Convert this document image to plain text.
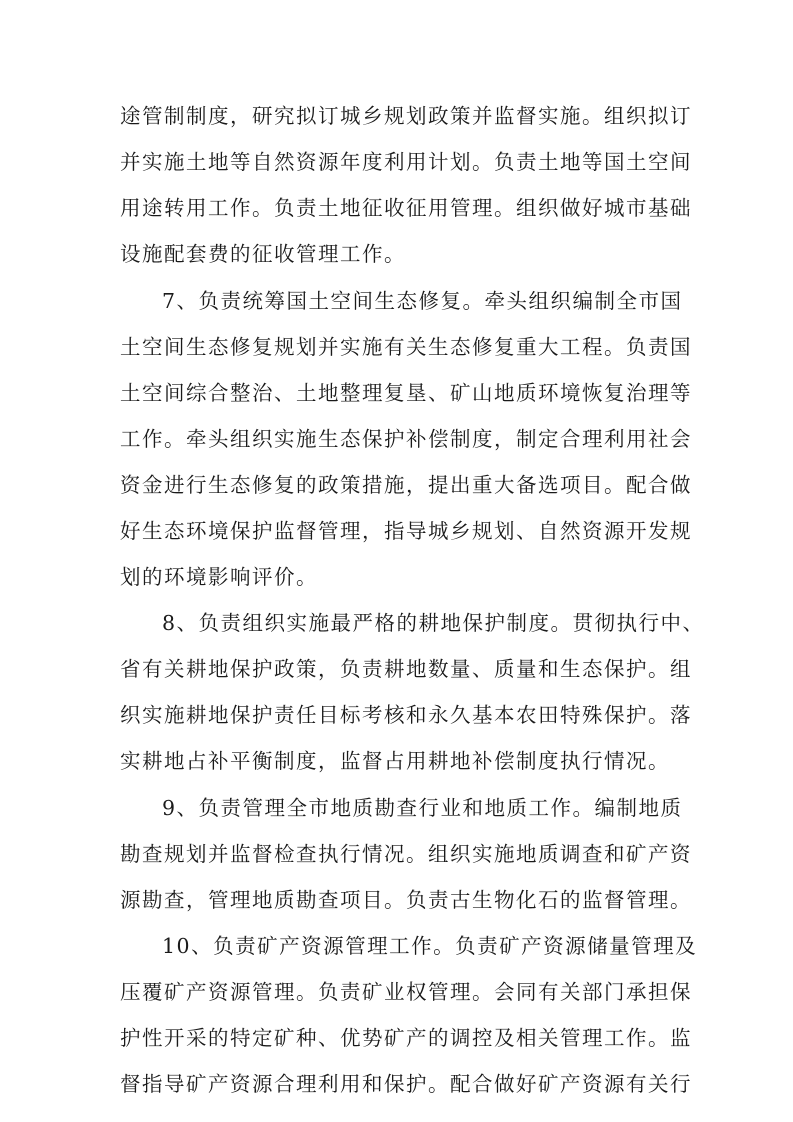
途管制制度，研究拟订城乡规划政策并监督实施。组织拟订
并实施土地等自然资源年度利用计划。负责土地等国土空间
用途转用工作。负责土地征收征用管理。组织做好城市基础
设施配套费的征收管理工作。
7、负责统筹国土空间生态修复。牵头组织编制全市国
土空间生态修复规划并实施有关生态修复重大工程。负责国
土空间综合整治、土地整理复垦、矿山地质环境恢复治理等
工作。牵头组织实施生态保护补偿制度，制定合理利用社会
资金进行生态修复的政策措施，提出重大备选项目。配合做
好生态环境保护监督管理，指导城乡规划、自然资源开发规
划的环境影响评价。
8、负责组织实施最严格的耕地保护制度。贯彻执行中、
省有关耕地保护政策，负责耕地数量、质量和生态保护。组
织实施耕地保护责任目标考核和永久基本农田特殊保护。落
实耕地占补平衡制度，监督占用耕地补偿制度执行情况。
9、负责管理全市地质勘查行业和地质工作。编制地质
勘查规划并监督检查执行情况。组织实施地质调查和矿产资
源勘查，管理地质勘查项目。负责古生物化石的监督管理。
10、负责矿产资源管理工作。负责矿产资源储量管理及
压覆矿产资源管理。负责矿业权管理。会同有关部门承担保
护性开采的特定矿种、优势矿产的调控及相关管理工作。监
督指导矿产资源合理利用和保护。配合做好矿产资源有关行
